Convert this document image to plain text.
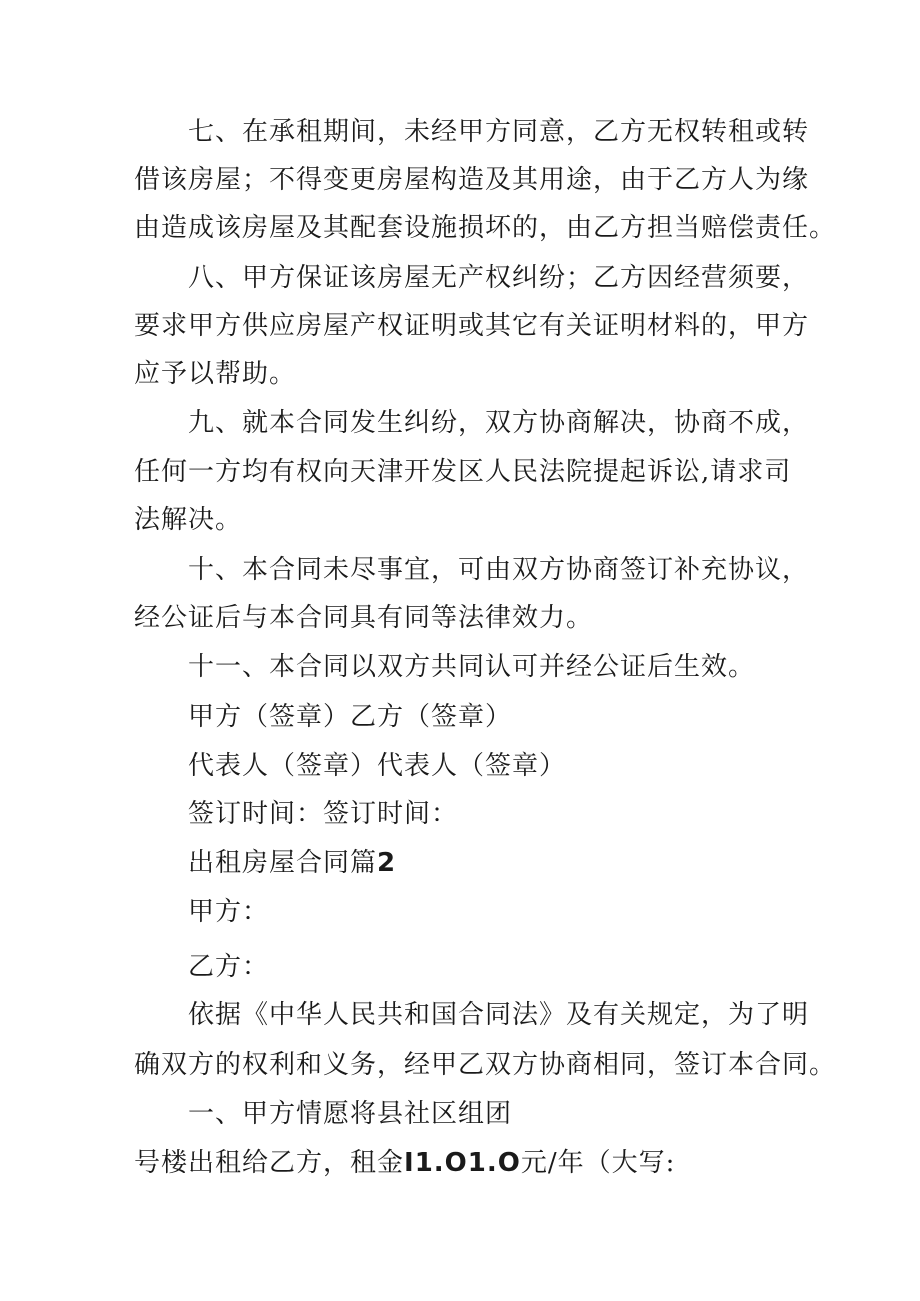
七、在承租期间，未经甲方同意，乙方无权转租或转
借该房屋；不得变更房屋构造及其用途，由于乙方人为缘
由造成该房屋及其配套设施损坏的，由乙方担当赔偿责任。
八、甲方保证该房屋无产权纠纷；乙方因经营须要，
要求甲方供应房屋产权证明或其它有关证明材料的，甲方
应予以帮助。
九、就本合同发生纠纷，双方协商解决，协商不成，
任何一方均有权向天津开发区人民法院提起诉讼,请求司
法解决。
十、本合同未尽事宜，可由双方协商签订补充协议，
经公证后与本合同具有同等法律效力。
十一、本合同以双方共同认可并经公证后生效。
甲方（签章）乙方（签章）
代表人（签章）代表人（签章）
签订时间：签订时间：
出租房屋合同篇2
甲方：
乙方：
依据《中华人民共和国合同法》及有关规定，为了明
确双方的权利和义务，经甲乙双方协商相同，签订本合同。
一、甲方情愿将县社区组团
号楼出租给乙方，租金I1.O1.O元/年（大写:
